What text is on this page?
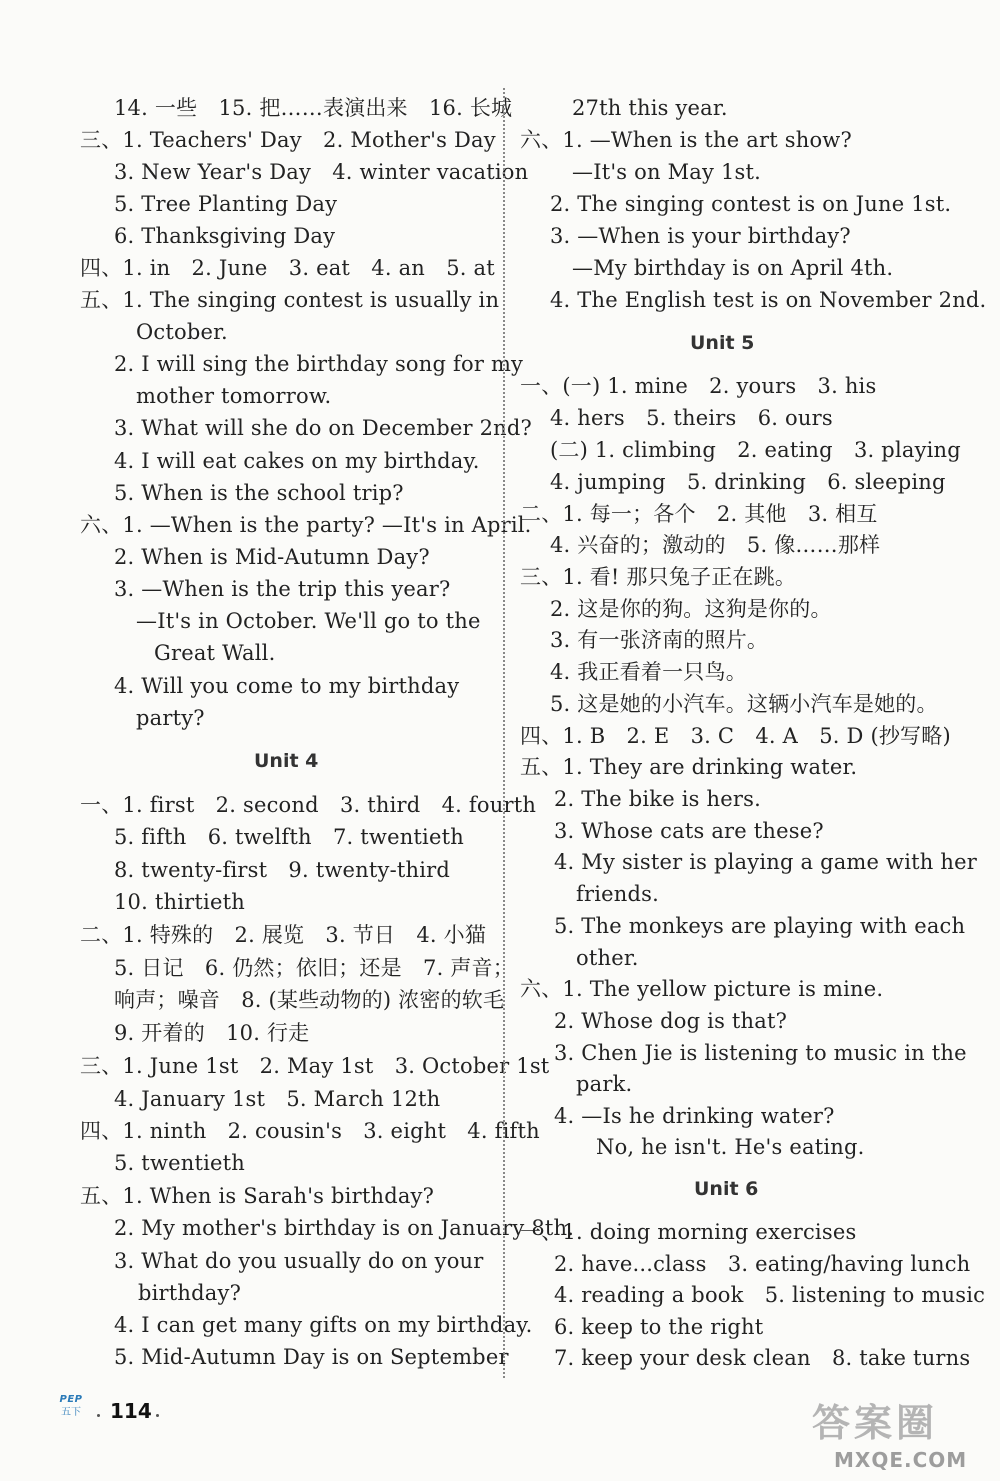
14. 一些　15. 把……表演出来　16. 长城
三、1. Teachers' Day　2. Mother's Day
3. New Year's Day　4. winter vacation
5. Tree Planting Day
6. Thanksgiving Day
四、1. in　2. June　3. eat　4. an　5. at
五、1. The singing contest is usually in
October.
2. I will sing the birthday song for my
mother tomorrow.
3. What will she do on December 2nd?
4. I will eat cakes on my birthday.
5. When is the school trip?
六、1. —When is the party? —It's in April.
2. When is Mid-Autumn Day?
3. —When is the trip this year?
—It's in October. We'll go to the
Great Wall.
4. Will you come to my birthday
party?
Unit 4
一、1. first　2. second　3. third　4. fourth
5. fifth　6. twelfth　7. twentieth
8. twenty-first　9. twenty-third
10. thirtieth
二、1. 特殊的　2. 展览　3. 节日　4. 小猫
5. 日记　6. 仍然；依旧；还是　7. 声音；
响声；噪音　8. (某些动物的) 浓密的软毛
9. 开着的　10. 行走
三、1. June 1st　2. May 1st　3. October 1st
4. January 1st　5. March 12th
四、1. ninth　2. cousin's　3. eight　4. fifth
5. twentieth
五、1. When is Sarah's birthday?
2. My mother's birthday is on January 8th.
3. What do you usually do on your
birthday?
4. I can get many gifts on my birthday.
5. Mid-Autumn Day is on September
27th this year.
六、1. —When is the art show?
—It's on May 1st.
2. The singing contest is on June 1st.
3. —When is your birthday?
—My birthday is on April 4th.
4. The English test is on November 2nd.
Unit 5
一、(一) 1. mine　2. yours　3. his
4. hers　5. theirs　6. ours
(二) 1. climbing　2. eating　3. playing
4. jumping　5. drinking　6. sleeping
二、1. 每一；各个　2. 其他　3. 相互
4. 兴奋的；激动的　5. 像……那样
三、1. 看! 那只兔子正在跳。
2. 这是你的狗。这狗是你的。
3. 有一张济南的照片。
4. 我正看着一只鸟。
5. 这是她的小汽车。这辆小汽车是她的。
四、1. B　2. E　3. C　4. A　5. D (抄写略)
五、1. They are drinking water.
2. The bike is hers.
3. Whose cats are these?
4. My sister is playing a game with her
friends.
5. The monkeys are playing with each
other.
六、1. The yellow picture is mine.
2. Whose dog is that?
3. Chen Jie is listening to music in the
park.
4. —Is he drinking water?
No, he isn't. He's eating.
Unit 6
一、1. doing morning exercises
2. have...class　3. eating/having lunch
4. reading a book　5. listening to music
6. keep to the right
7. keep your desk clean　8. take turns
PEP
五下 114	答案圈
MXQE.COM
